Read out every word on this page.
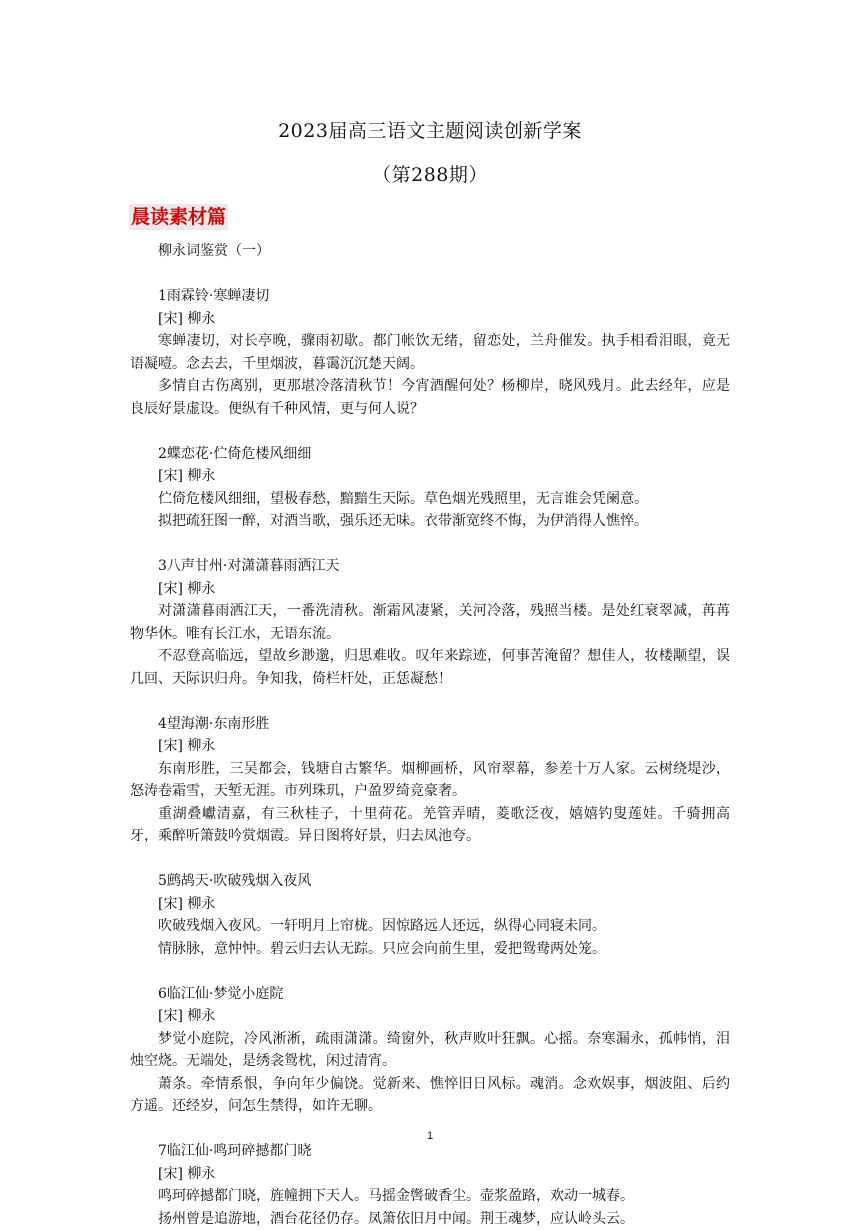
2023届高三语文主题阅读创新学案
（第288期）
晨读素材篇
柳永词鉴赏（一）
1雨霖铃·寒蝉凄切
[宋] 柳永
寒蝉凄切，对长亭晚，骤雨初歇。都门帐饮无绪，留恋处，兰舟催发。执手相看泪眼，竟无语凝噎。念去去，千里烟波，暮霭沉沉楚天阔。
多情自古伤离别，更那堪冷落清秋节！今宵酒醒何处？杨柳岸，晓风残月。此去经年，应是良辰好景虚设。便纵有千种风情，更与何人说？
2蝶恋花·伫倚危楼风细细
[宋] 柳永
伫倚危楼风细细，望极春愁，黯黯生天际。草色烟光残照里，无言谁会凭阑意。
拟把疏狂图一醉，对酒当歌，强乐还无味。衣带渐宽终不悔，为伊消得人憔悴。
3八声甘州·对潇潇暮雨洒江天
[宋] 柳永
对潇潇暮雨洒江天，一番洗清秋。渐霜风凄紧，关河冷落，残照当楼。是处红衰翠减，苒苒物华休。唯有长江水，无语东流。
不忍登高临远，望故乡渺邈，归思难收。叹年来踪迹，何事苦淹留？想佳人，妆楼颙望，误几回、天际识归舟。争知我，倚栏杆处，正恁凝愁！
4望海潮·东南形胜
[宋] 柳永
东南形胜，三吴都会，钱塘自古繁华。烟柳画桥，风帘翠幕，参差十万人家。云树绕堤沙，怒涛卷霜雪，天堑无涯。市列珠玑，户盈罗绮竞豪奢。
重湖叠巘清嘉，有三秋桂子，十里荷花。羌管弄晴，菱歌泛夜，嬉嬉钓叟莲娃。千骑拥高牙，乘醉听箫鼓吟赏烟霞。异日图将好景，归去凤池夸。
5鹧鸪天·吹破残烟入夜风
[宋] 柳永
吹破残烟入夜风。一轩明月上帘栊。因惊路远人还远，纵得心同寝未同。
情脉脉，意忡忡。碧云归去认无踪。只应会向前生里，爱把鸳鸯两处笼。
6临江仙·梦觉小庭院
[宋] 柳永
梦觉小庭院，冷风淅淅，疏雨潇潇。绮窗外，秋声败叶狂飘。心摇。奈寒漏永，孤帏悄，泪烛空烧。无端处，是绣衾鸳枕，闲过清宵。
萧条。牵情系恨，争向年少偏饶。觉新来、憔悴旧日风标。魂消。念欢娱事，烟波阻、后约方遥。还经岁，问怎生禁得，如许无聊。
7临江仙·鸣珂碎撼都门晓
[宋] 柳永
鸣珂碎撼都门晓，旌幢拥下天人。马摇金辔破香尘。壶浆盈路，欢动一城春。
扬州曾是追游地，酒台花径仍存。凤箫依旧月中闻。荆王魂梦，应认岭头云。
1
